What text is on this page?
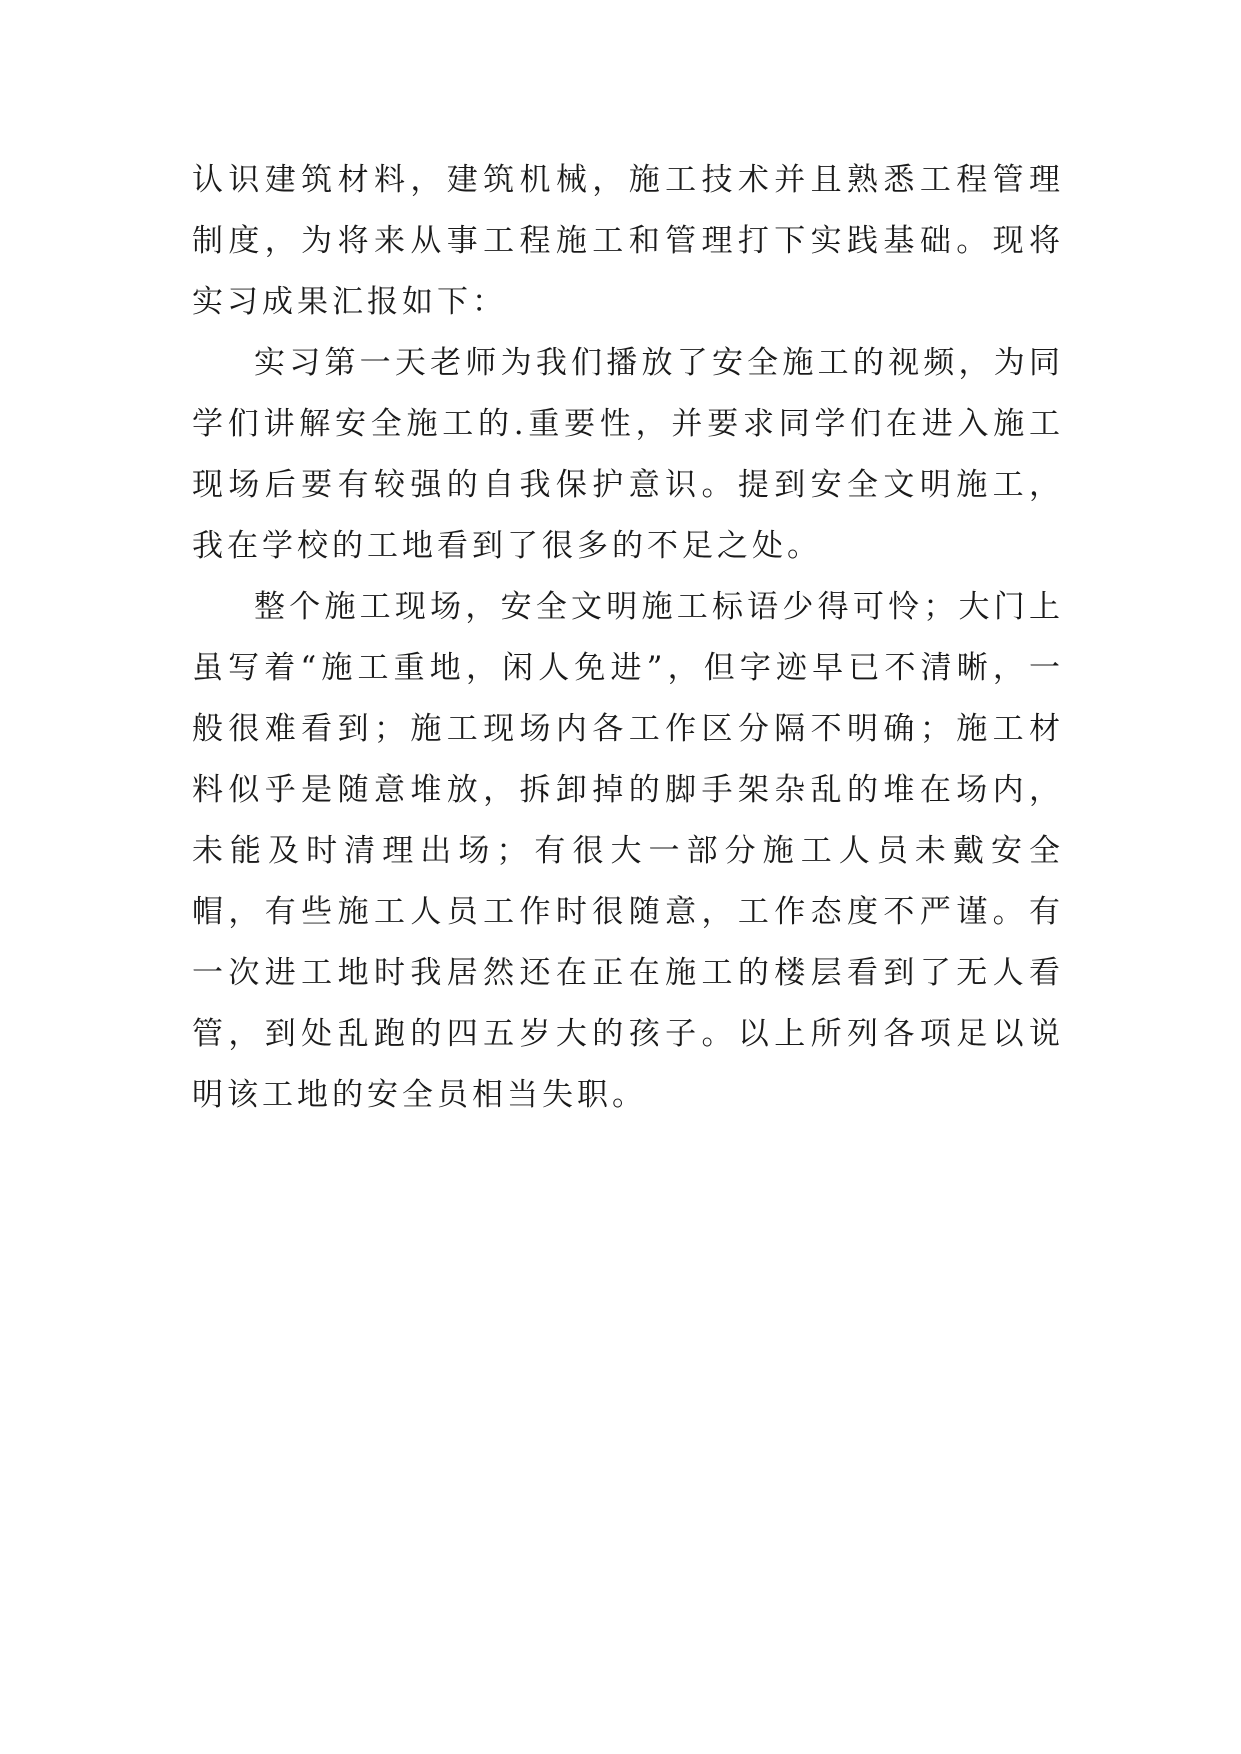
认识建筑材料，建筑机械，施工技术并且熟悉工程管理制度，为将来从事工程施工和管理打下实践基础。现将实习成果汇报如下：

实习第一天老师为我们播放了安全施工的视频，为同学们讲解安全施工的.重要性，并要求同学们在进入施工现场后要有较强的自我保护意识。提到安全文明施工，我在学校的工地看到了很多的不足之处。

整个施工现场，安全文明施工标语少得可怜；大门上虽写着“施工重地，闲人免进”，但字迹早已不清晰，一般很难看到；施工现场内各工作区分隔不明确；施工材料似乎是随意堆放，拆卸掉的脚手架杂乱的堆在场内，未能及时清理出场；有很大一部分施工人员未戴安全帽，有些施工人员工作时很随意，工作态度不严谨。有一次进工地时我居然还在正在施工的楼层看到了无人看管，到处乱跑的四五岁大的孩子。以上所列各项足以说明该工地的安全员相当失职。
